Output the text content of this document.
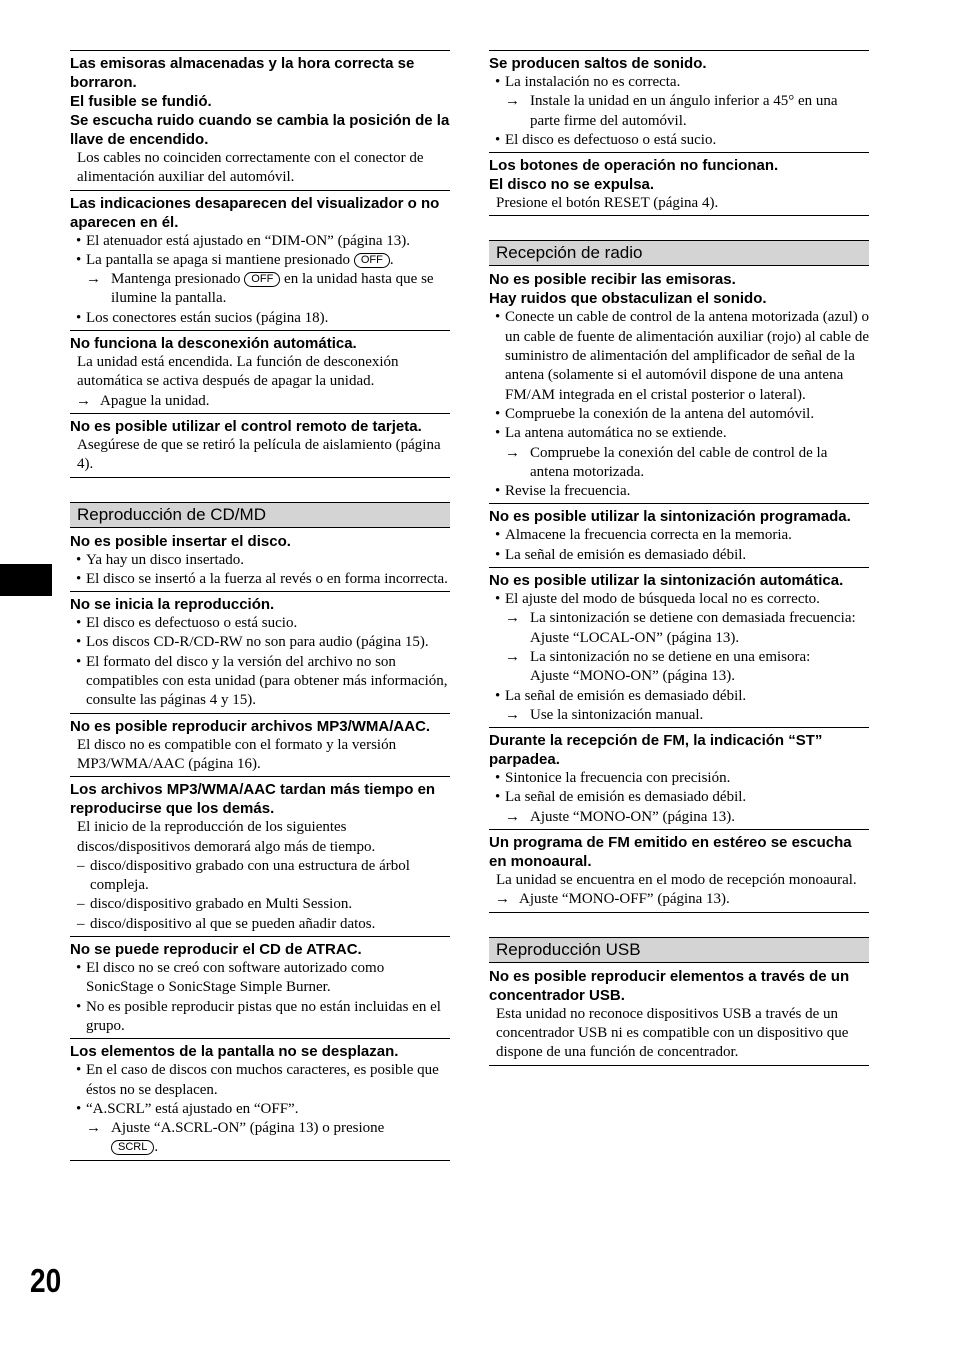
20
Las emisoras almacenadas y la hora correcta se borraron.
El fusible se fundió.
Se escucha ruido cuando se cambia la posición de la llave de encendido.
Los cables no coinciden correctamente con el conector de alimentación auxiliar del automóvil.
Las indicaciones desaparecen del visualizador o no aparecen en él.
• El atenuador está ajustado en “DIM-ON” (página 13).
• La pantalla se apaga si mantiene presionado OFF .
→ Mantenga presionado OFF en la unidad hasta que se ilumine la pantalla.
• Los conectores están sucios (página 18).
No funciona la desconexión automática.
La unidad está encendida. La función de desconexión automática se activa después de apagar la unidad.
→ Apague la unidad.
No es posible utilizar el control remoto de tarjeta.
Asegúrese de que se retiró la película de aislamiento (página 4).
Reproducción de CD/MD
No es posible insertar el disco.
• Ya hay un disco insertado.
• El disco se insertó a la fuerza al revés o en forma incorrecta.
No se inicia la reproducción.
• El disco es defectuoso o está sucio.
• Los discos CD-R/CD-RW no son para audio (página 15).
• El formato del disco y la versión del archivo no son compatibles con esta unidad (para obtener más información, consulte las páginas 4 y 15).
No es posible reproducir archivos MP3/WMA/AAC.
El disco no es compatible con el formato y la versión MP3/WMA/AAC (página 16).
Los archivos MP3/WMA/AAC tardan más tiempo en reproducirse que los demás.
El inicio de la reproducción de los siguientes discos/dispositivos demorará algo más de tiempo.
– disco/dispositivo grabado con una estructura de árbol compleja.
– disco/dispositivo grabado en Multi Session.
– disco/dispositivo al que se pueden añadir datos.
No se puede reproducir el CD de ATRAC.
• El disco no se creó con software autorizado como SonicStage o SonicStage Simple Burner.
• No es posible reproducir pistas que no están incluidas en el grupo.
Los elementos de la pantalla no se desplazan.
• En el caso de discos con muchos caracteres, es posible que éstos no se desplacen.
• “A.SCRL” está ajustado en “OFF”.
→ Ajuste “A.SCRL-ON” (página 13) o presione
SCRL .
Se producen saltos de sonido.
• La instalación no es correcta.
→ Instale la unidad en un ángulo inferior a 45° en una parte firme del automóvil.
• El disco es defectuoso o está sucio.
Los botones de operación no funcionan.
El disco no se expulsa.
Presione el botón RESET (página 4).
Recepción de radio
No es posible recibir las emisoras.
Hay ruidos que obstaculizan el sonido.
• Conecte un cable de control de la antena motorizada (azul) o un cable de fuente de alimentación auxiliar (rojo) al cable de suministro de alimentación del amplificador de señal de la antena (solamente si el automóvil dispone de una antena FM/AM integrada en el cristal posterior o lateral).
• Compruebe la conexión de la antena del automóvil.
• La antena automática no se extiende.
→ Compruebe la conexión del cable de control de la antena motorizada.
• Revise la frecuencia.
No es posible utilizar la sintonización programada.
• Almacene la frecuencia correcta en la memoria.
• La señal de emisión es demasiado débil.
No es posible utilizar la sintonización automática.
• El ajuste del modo de búsqueda local no es correcto.
→ La sintonización se detiene con demasiada frecuencia:
Ajuste “LOCAL-ON” (página 13).
→ La sintonización no se detiene en una emisora:
Ajuste “MONO-ON” (página 13).
• La señal de emisión es demasiado débil.
→ Use la sintonización manual.
Durante la recepción de FM, la indicación “ST” parpadea.
• Sintonice la frecuencia con precisión.
• La señal de emisión es demasiado débil.
→ Ajuste “MONO-ON” (página 13).
Un programa de FM emitido en estéreo se escucha en monoaural.
La unidad se encuentra en el modo de recepción monoaural.
→ Ajuste “MONO-OFF” (página 13).
Reproducción USB
No es posible reproducir elementos a través de un concentrador USB.
Esta unidad no reconoce dispositivos USB a través de un concentrador USB ni es compatible con un dispositivo que dispone de una función de concentrador.
